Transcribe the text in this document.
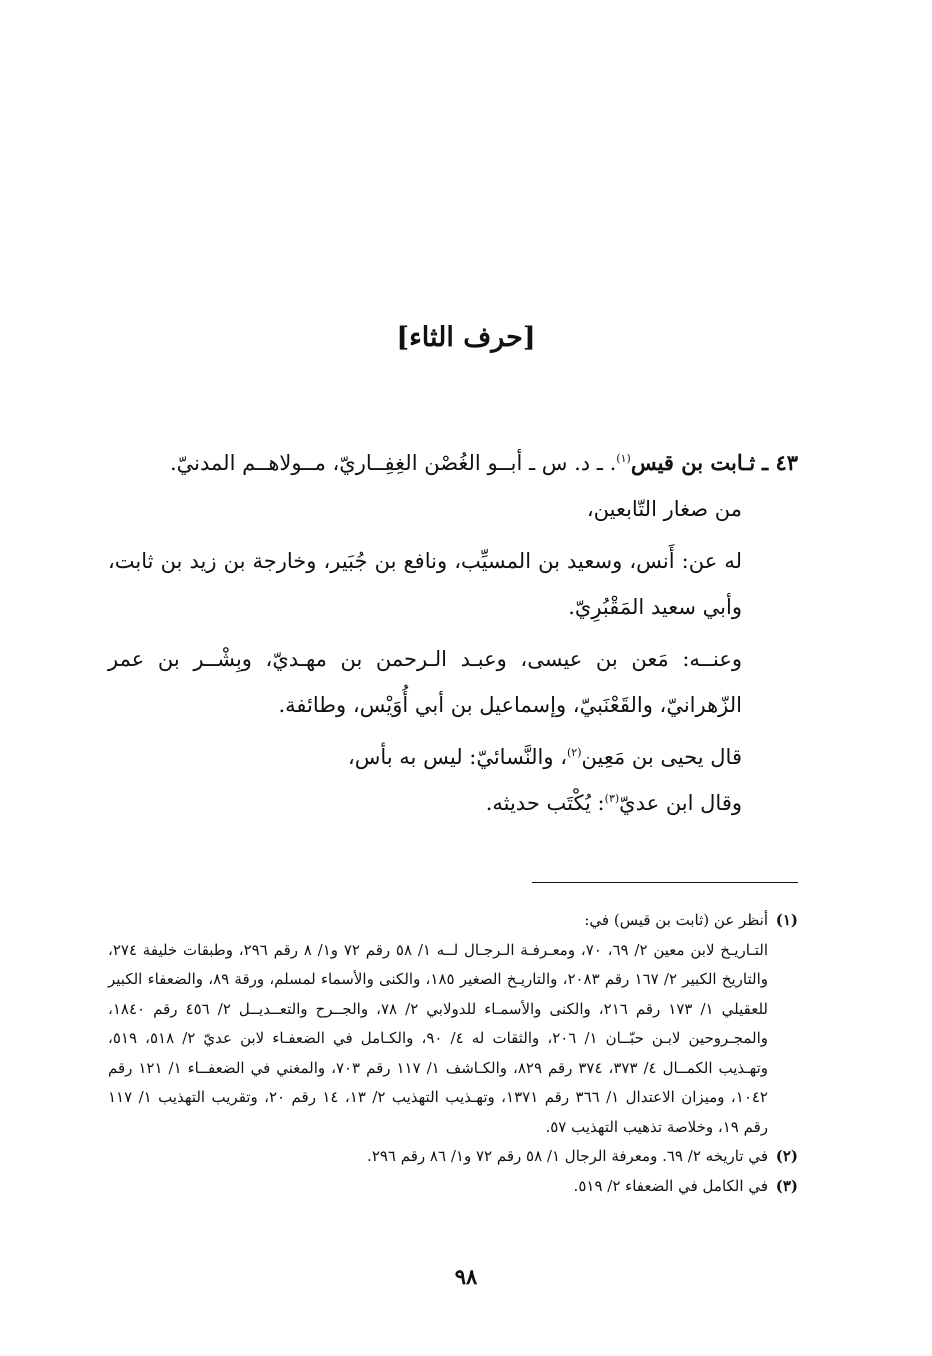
[حرف الثاء]

٤٣ ـ ثـابت بن قيس$^{(١)}$. ـ د. س ـ أبــو الغُصْن الغِفِــاريّ، مــولاهــم المدنيّ.

من صغار التّابعين،

له عن: أَنس، وسعيد بن المسيِّب، ونافع بن جُبَير، وخارجة بن زيد بن ثابت، وأبي سعيد المَقْبُرِيّ.

وعنــه: مَعن بن عيسى، وعبـد الـرحمن بن مهـديّ، وبِشْــر بن عمر الزّهرانيّ، والقَعْنَبيّ، وإسماعيل بن أبي أُوَيْس، وطائفة.

قال يحيى بن مَعِين$^{(٢)}$، والنَّسائيّ: ليس به بأس،

وقال ابن عديّ$^{(٣)}$: يُكْتَب حديثه.

(١)

أنظر عن (ثابت بن قيس) في:

التـاريـخ لابن معين ٢/ ٦٩، ٧٠، ومعـرفـة الـرجـال لــه ١/ ٥٨ رقم ٧٢ و١/ ٨ رقم ٢٩٦، وطبقات خليفة ٢٧٤، والتاريخ الكبير ٢/ ١٦٧ رقم ٢٠٨٣، والتاريـخ الصغير ١٨٥، والكنى والأسماء لمسلم، ورقة ٨٩، والضعفاء الكبير للعقيلي ١/ ١٧٣ رقم ٢١٦، والكنى والأسمـاء للدولابي ٢/ ٧٨، والجــرح والتعــديــل ٢/ ٤٥٦ رقم ١٨٤٠، والمجـروحين لابـن حبّــان ١/ ٢٠٦، والثقات له ٤/ ٩٠، والكـامل في الضعفـاء لابن عديّ ٢/ ٥١٨، ٥١٩، وتهـذيب الكمــال ٤/ ٣٧٣، ٣٧٤ رقم ٨٢٩، والكـاشف ١/ ١١٧ رقم ٧٠٣، والمغني في الضعفــاء ١/ ١٢١ رقم ١٠٤٢، وميزان الاعتدال ١/ ٣٦٦ رقم ١٣٧١، وتهـذيب التهذيب ٢/ ١٣، ١٤ رقم ٢٠، وتقريب التهذيب ١/ ١١٧ رقم ١٩، وخلاصة تذهيب التهذيب ٥٧.

(٢)

في تاريخه ٢/ ٦٩. ومعرفة الرجال ١/ ٥٨ رقم ٧٢ و١/ ٨٦ رقم ٢٩٦.

(٣)

في الكامل في الضعفاء ٢/ ٥١٩.

٩٨
